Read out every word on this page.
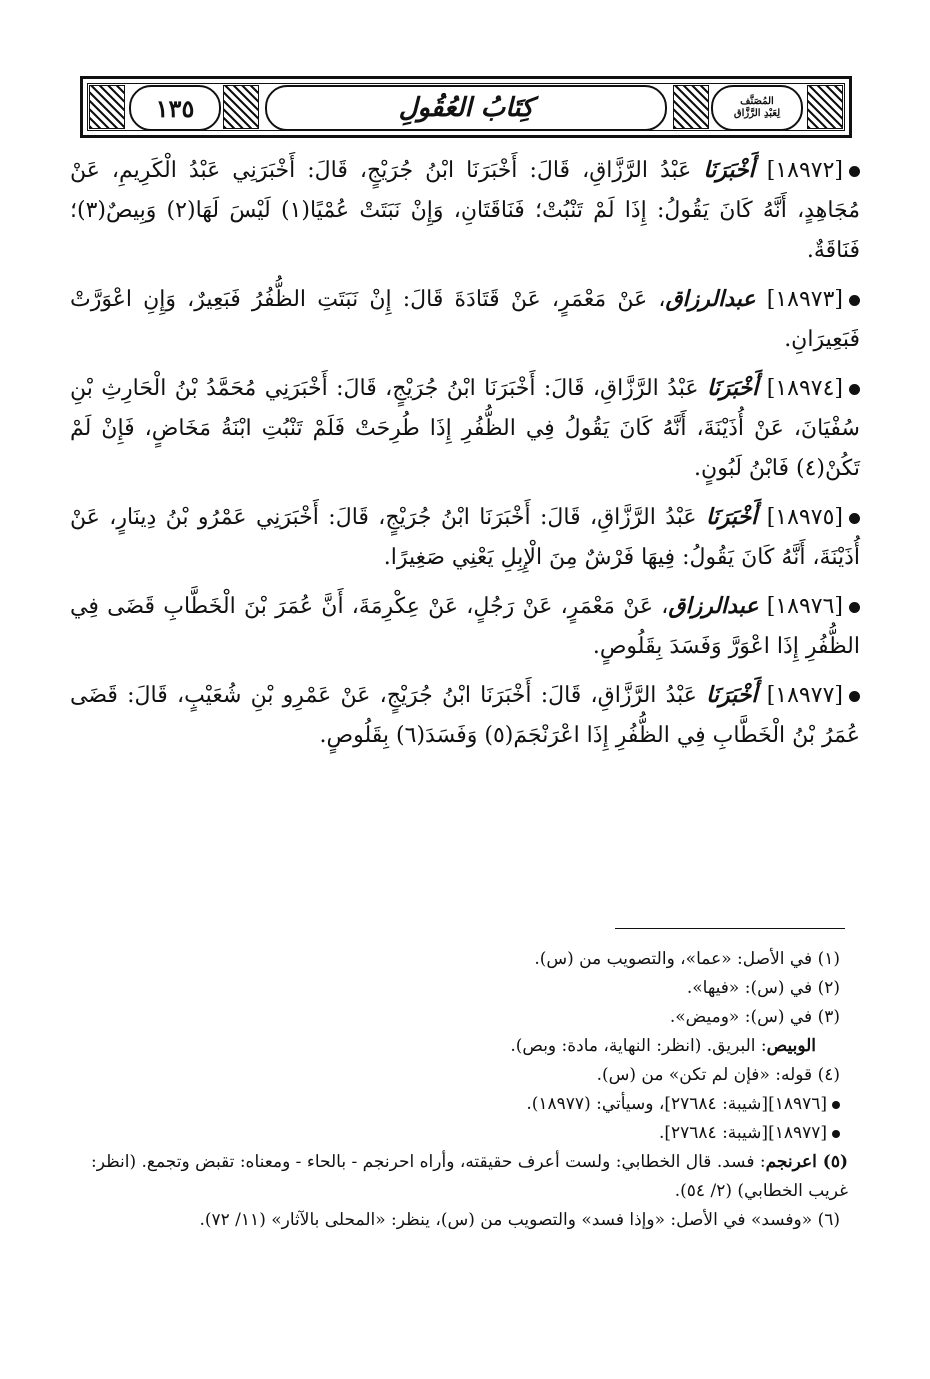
١٣٥	كِتَابُ العُقُولِ	المُصَنَّف
لِعَبْدِ الرَّزَّاق
[١٨٩٧٢] أَخْبَرَنَا عَبْدُ الرَّزَّاقِ، قَالَ: أَخْبَرَنَا ابْنُ جُرَيْجٍ، قَالَ: أَخْبَرَنِي عَبْدُ الْكَرِيمِ، عَنْ مُجَاهِدٍ، أَنَّهُ كَانَ يَقُولُ: إِذَا لَمْ تَنْبُتْ؛ فَنَاقَتَانِ، وَإِنْ نَبَتَتْ عُمْيًا(١) لَيْسَ لَهَا(٢) وَبِيصٌ(٣)؛ فَنَاقَةٌ.
[١٨٩٧٣] عبدالرزاق، عَنْ مَعْمَرٍ، عَنْ قَتَادَةَ قَالَ: إِنْ نَبَتَتِ الظُّفُرُ فَبَعِيرٌ، وَإِنِ اعْوَرَّتْ فَبَعِيرَانِ.
[١٨٩٧٤] أَخْبَرَنَا عَبْدُ الرَّزَّاقِ، قَالَ: أَخْبَرَنَا ابْنُ جُرَيْجٍ، قَالَ: أَخْبَرَنِي مُحَمَّدُ بْنُ الْحَارِثِ بْنِ سُفْيَانَ، عَنْ أُذَيْنَةَ، أَنَّهُ كَانَ يَقُولُ فِي الظُّفُرِ إِذَا طُرِحَتْ فَلَمْ تَنْبُتِ ابْنَةُ مَخَاضٍ، فَإِنْ لَمْ تَكُنْ(٤) فَابْنُ لَبُونٍ.
[١٨٩٧٥] أَخْبَرَنَا عَبْدُ الرَّزَّاقِ، قَالَ: أَخْبَرَنَا ابْنُ جُرَيْجٍ، قَالَ: أَخْبَرَنِي عَمْرُو بْنُ دِينَارٍ، عَنْ أُذَيْنَةَ، أَنَّهُ كَانَ يَقُولُ: فِيهَا فَرْشٌ مِنَ الْإِبِلِ يَعْنِي صَغِيرًا.
[١٨٩٧٦] عبدالرزاق، عَنْ مَعْمَرٍ، عَنْ رَجُلٍ، عَنْ عِكْرِمَةَ، أَنَّ عُمَرَ بْنَ الْخَطَّابِ قَضَى فِي الظُّفُرِ إِذَا اعْوَرَّ وَفَسَدَ بِقَلُوصٍ.
[١٨٩٧٧] أَخْبَرَنَا عَبْدُ الرَّزَّاقِ، قَالَ: أَخْبَرَنَا ابْنُ جُرَيْجٍ، عَنْ عَمْرِو بْنِ شُعَيْبٍ، قَالَ: قَضَى عُمَرُ بْنُ الْخَطَّابِ فِي الظُّفُرِ إِذَا اعْرَنْجَمَ(٥) وَفَسَدَ(٦) بِقَلُوصٍ.
(١) في الأصل: «عما»، والتصويب من (س).
(٢) في (س): «فيها».
(٣) في (س): «وميض».
الوبيص: البريق. (انظر: النهاية، مادة: وبص).
(٤) قوله: «فإن لم تكن» من (س).
[١٨٩٧٦][شيبة: ٢٧٦٨٤]، وسيأتي: (١٨٩٧٧).
[١٨٩٧٧][شيبة: ٢٧٦٨٤].
(٥) اعرنجم: فسد. قال الخطابي: ولست أعرف حقيقته، وأراه احرنجم - بالحاء - ومعناه: تقبض وتجمع. (انظر: غريب الخطابي) (٢/ ٥٤).
(٦) «وفسد» في الأصل: «وإذا فسد» والتصويب من (س)، ينظر: «المحلى بالآثار» (١١/ ٧٢).
